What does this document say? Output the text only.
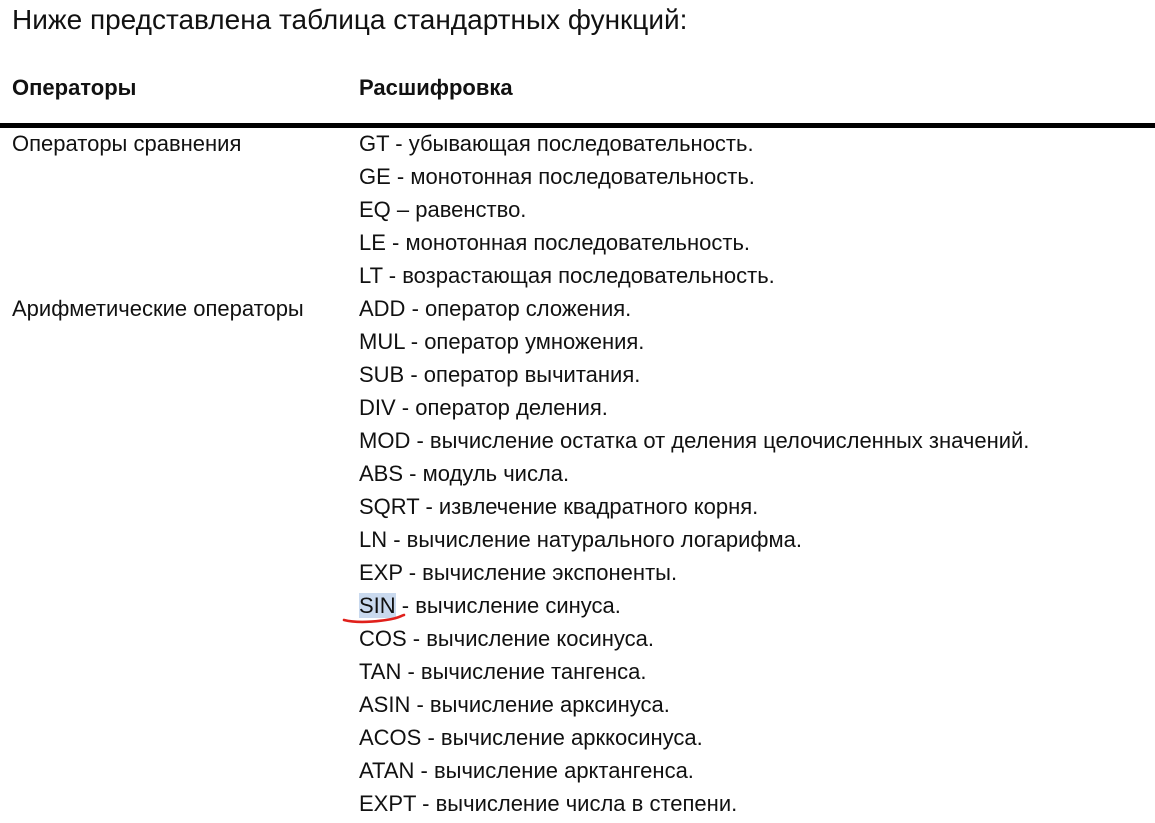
Ниже представлена таблица стандартных функций:
Операторы	Расшифровка
Операторы сравнения	GT - убывающая последовательность.
GE - монотонная последовательность.
EQ – равенство.
LE - монотонная последовательность.
LT - возрастающая последовательность.
Арифметические операторы	ADD - оператор сложения.
MUL - оператор умножения.
SUB - оператор вычитания.
DIV - оператор деления.
MOD - вычисление остатка от деления целочисленных значений.
ABS - модуль числа.
SQRT - извлечение квадратного корня.
LN - вычисление натурального логарифма.
EXP - вычисление экспоненты.
SIN - вычисление синуса.
COS - вычисление косинуса.
TAN - вычисление тангенса.
ASIN - вычисление арксинуса.
ACOS - вычисление арккосинуса.
ATAN - вычисление арктангенса.
EXPT - вычисление числа в степени.
